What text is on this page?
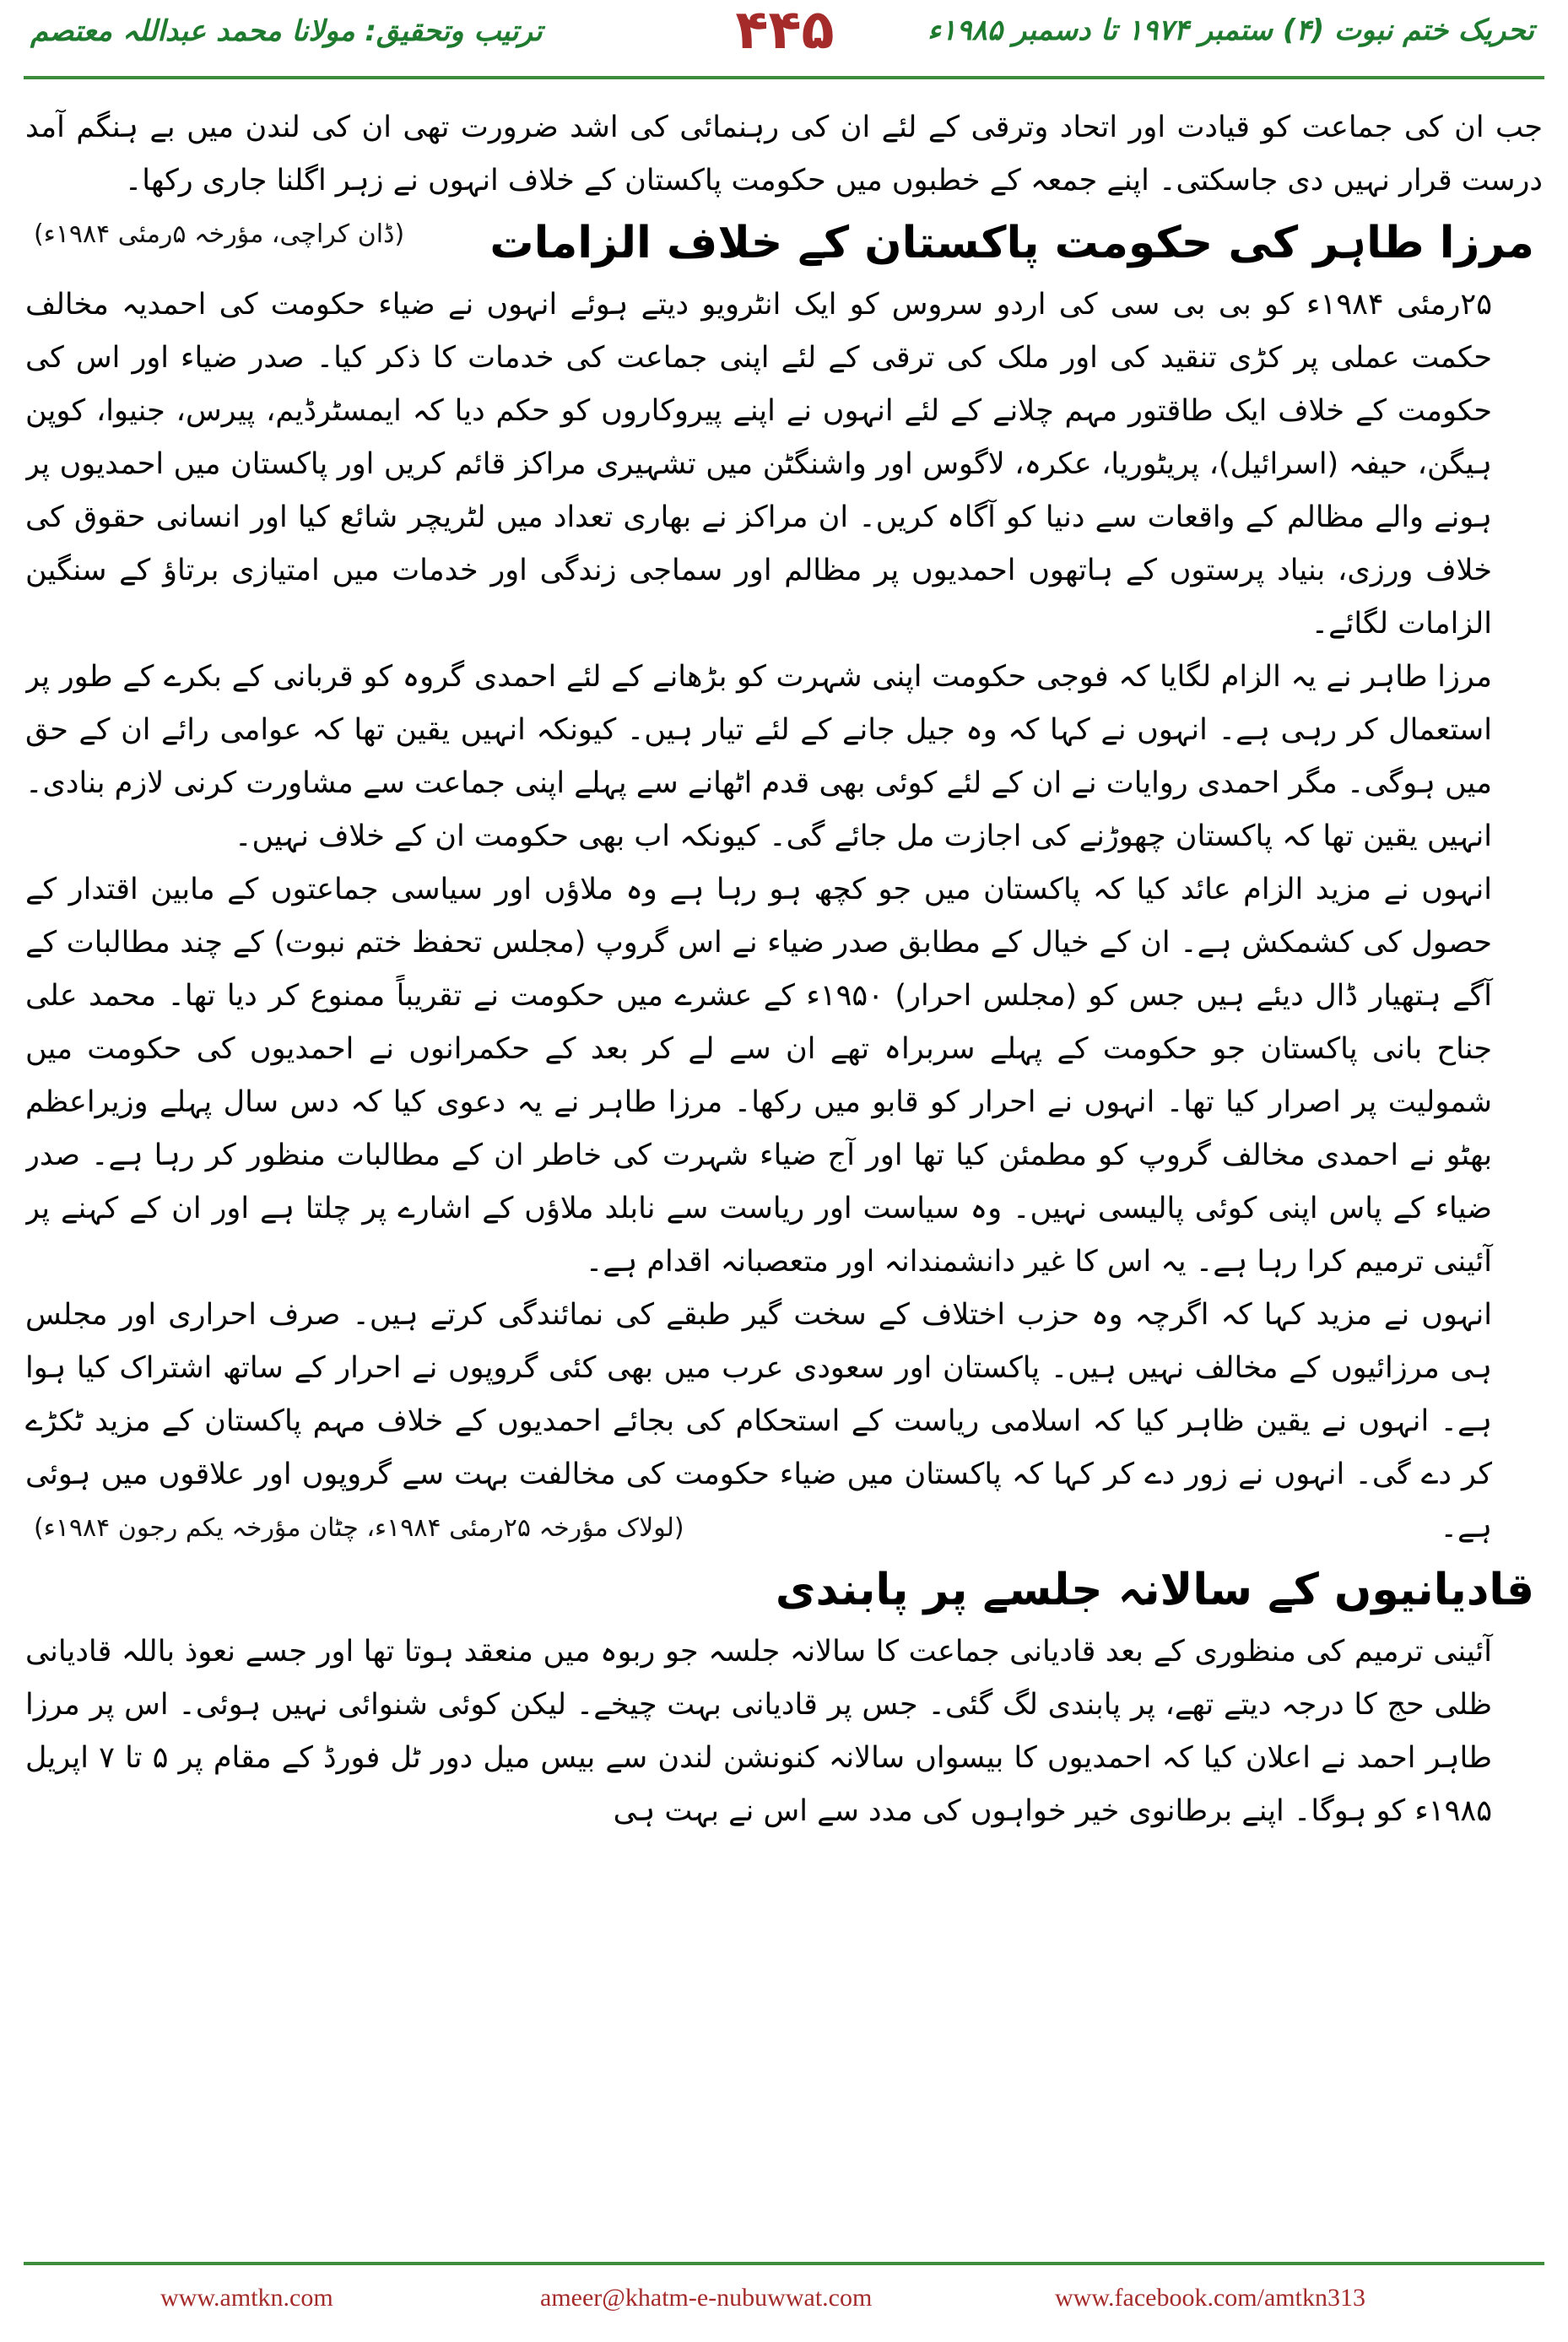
تحریک ختم نبوت (۴) ستمبر ۱۹۷۴ تا دسمبر ۱۹۸۵ء
۴۴۵
ترتیب وتحقیق: مولانا محمد عبداللہ معتصم

جب ان کی جماعت کو قیادت اور اتحاد وترقی کے لئے ان کی رہنمائی کی اشد ضرورت تھی ان کی لندن میں بے ہنگم آمد درست قرار نہیں دی جاسکتی۔ اپنے جمعہ کے خطبوں میں حکومت پاکستان کے خلاف انہوں نے زہر اگلنا جاری رکھا۔
(ڈان کراچی، مؤرخہ ۵رمئی ۱۹۸۴ء)	مرزا طاہر کی حکومت پاکستان کے خلاف الزامات

۲۵رمئی ۱۹۸۴ء کو بی بی سی کی اردو سروس کو ایک انٹرویو دیتے ہوئے انہوں نے ضیاء حکومت کی احمدیہ مخالف حکمت عملی پر کڑی تنقید کی اور ملک کی ترقی کے لئے اپنی جماعت کی خدمات کا ذکر کیا۔ صدر ضیاء اور اس کی حکومت کے خلاف ایک طاقتور مہم چلانے کے لئے انہوں نے اپنے پیروکاروں کو حکم دیا کہ ایمسٹرڈیم، پیرس، جنیوا، کوپن ہیگن، حیفہ (اسرائیل)، پریٹوریا، عکرہ، لاگوس اور واشنگٹن میں تشہیری مراکز قائم کریں اور پاکستان میں احمدیوں پر ہونے والے مظالم کے واقعات سے دنیا کو آگاہ کریں۔ ان مراکز نے بھاری تعداد میں لٹریچر شائع کیا اور انسانی حقوق کی خلاف ورزی، بنیاد پرستوں کے ہاتھوں احمدیوں پر مظالم اور سماجی زندگی اور خدمات میں امتیازی برتاؤ کے سنگین الزامات لگائے۔

مرزا طاہر نے یہ الزام لگایا کہ فوجی حکومت اپنی شہرت کو بڑھانے کے لئے احمدی گروہ کو قربانی کے بکرے کے طور پر استعمال کر رہی ہے۔ انہوں نے کہا کہ وہ جیل جانے کے لئے تیار ہیں۔ کیونکہ انہیں یقین تھا کہ عوامی رائے ان کے حق میں ہوگی۔ مگر احمدی روایات نے ان کے لئے کوئی بھی قدم اٹھانے سے پہلے اپنی جماعت سے مشاورت کرنی لازم بنادی۔ انہیں یقین تھا کہ پاکستان چھوڑنے کی اجازت مل جائے گی۔ کیونکہ اب بھی حکومت ان کے خلاف نہیں۔

انہوں نے مزید الزام عائد کیا کہ پاکستان میں جو کچھ ہو رہا ہے وہ ملاؤں اور سیاسی جماعتوں کے مابین اقتدار کے حصول کی کشمکش ہے۔ ان کے خیال کے مطابق صدر ضیاء نے اس گروپ (مجلس تحفظ ختم نبوت) کے چند مطالبات کے آگے ہتھیار ڈال دیئے ہیں جس کو (مجلس احرار) ۱۹۵۰ء کے عشرے میں حکومت نے تقریباً ممنوع کر دیا تھا۔ محمد علی جناح بانی پاکستان جو حکومت کے پہلے سربراہ تھے ان سے لے کر بعد کے حکمرانوں نے احمدیوں کی حکومت میں شمولیت پر اصرار کیا تھا۔ انہوں نے احرار کو قابو میں رکھا۔ مرزا طاہر نے یہ دعوی کیا کہ دس سال پہلے وزیراعظم بھٹو نے احمدی مخالف گروپ کو مطمئن کیا تھا اور آج ضیاء شہرت کی خاطر ان کے مطالبات منظور کر رہا ہے۔ صدر ضیاء کے پاس اپنی کوئی پالیسی نہیں۔ وہ سیاست اور ریاست سے نابلد ملاؤں کے اشارے پر چلتا ہے اور ان کے کہنے پر آئینی ترمیم کرا رہا ہے۔ یہ اس کا غیر دانشمندانہ اور متعصبانہ اقدام ہے۔

انہوں نے مزید کہا کہ اگرچہ وہ حزب اختلاف کے سخت گیر طبقے کی نمائندگی کرتے ہیں۔ صرف احراری اور مجلس ہی مرزائیوں کے مخالف نہیں ہیں۔ پاکستان اور سعودی عرب میں بھی کئی گروپوں نے احرار کے ساتھ اشتراک کیا ہوا ہے۔ انہوں نے یقین ظاہر کیا کہ اسلامی ریاست کے استحکام کی بجائے احمدیوں کے خلاف مہم پاکستان کے مزید ٹکڑے کر دے گی۔ انہوں نے زور دے کر کہا کہ پاکستان میں ضیاء حکومت کی مخالفت بہت سے گروپوں اور علاقوں میں ہوئی ہے۔
(لولاک مؤرخہ ۲۵رمئی ۱۹۸۴ء، چٹان مؤرخہ یکم رجون ۱۹۸۴ء)

قادیانیوں کے سالانہ جلسے پر پابندی

آئینی ترمیم کی منظوری کے بعد قادیانی جماعت کا سالانہ جلسہ جو ربوہ میں منعقد ہوتا تھا اور جسے نعوذ باللہ قادیانی ظلی حج کا درجہ دیتے تھے، پر پابندی لگ گئی۔ جس پر قادیانی بہت چیخے۔ لیکن کوئی شنوائی نہیں ہوئی۔ اس پر مرزا طاہر احمد نے اعلان کیا کہ احمدیوں کا بیسواں سالانہ کنونشن لندن سے بیس میل دور ٹل فورڈ کے مقام پر ۵ تا ۷ اپریل ۱۹۸۵ء کو ہوگا۔ اپنے برطانوی خیر خواہوں کی مدد سے اس نے بہت ہی

www.amtkn.com	ameer@khatm-e-nubuwwat.com	www.facebook.com/amtkn313
